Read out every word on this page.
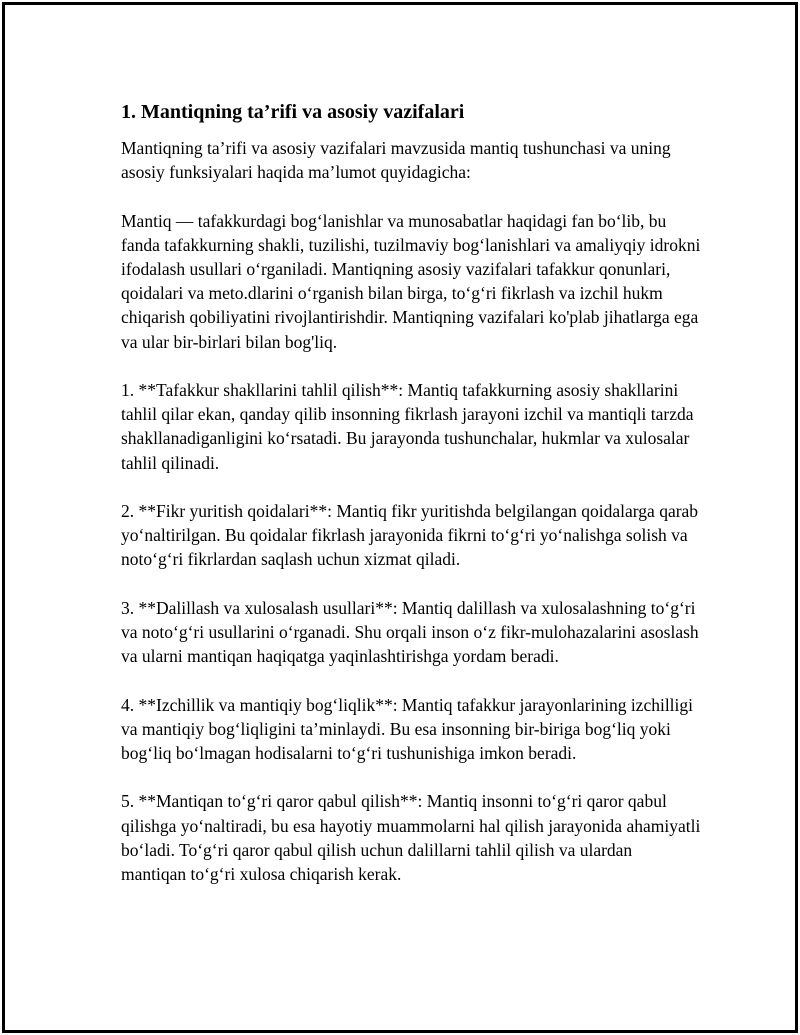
1. Mantiqning ta’rifi va asosiy vazifalari

Mantiqning ta’rifi va asosiy vazifalari mavzusida mantiq tushunchasi va uning asosiy funksiyalari haqida ma’lumot quyidagicha:

Mantiq — tafakkurdagi bog‘lanishlar va munosabatlar haqidagi fan bo‘lib, bu fanda tafakkurning shakli, tuzilishi, tuzilmaviy bog‘lanishlari va amaliyqiy idrokni ifodalash usullari o‘rganiladi. Mantiqning asosiy vazifalari tafakkur qonunlari, qoidalari va meto.dlarini o‘rganish bilan birga, to‘g‘ri fikrlash va izchil hukm chiqarish qobiliyatini rivojlantirishdir. Mantiqning vazifalari ko'plab jihatlarga ega va ular bir-birlari bilan bog'liq.

1. **Tafakkur shakllarini tahlil qilish**: Mantiq tafakkurning asosiy shakllarini tahlil qilar ekan, qanday qilib insonning fikrlash jarayoni izchil va mantiqli tarzda shakllanadiganligini ko‘rsatadi. Bu jarayonda tushunchalar, hukmlar va xulosalar tahlil qilinadi.

2. **Fikr yuritish qoidalari**: Mantiq fikr yuritishda belgilangan qoidalarga qarab yo‘naltirilgan. Bu qoidalar fikrlash jarayonida fikrni to‘g‘ri yo‘nalishga solish va noto‘g‘ri fikrlardan saqlash uchun xizmat qiladi.

3. **Dalillash va xulosalash usullari**: Mantiq dalillash va xulosalashning to‘g‘ri va noto‘g‘ri usullarini o‘rganadi. Shu orqali inson o‘z fikr-mulohazalarini asoslash va ularni mantiqan haqiqatga yaqinlashtirishga yordam beradi.

4. **Izchillik va mantiqiy bog‘liqlik**: Mantiq tafakkur jarayonlarining izchilligi va mantiqiy bog‘liqligini ta’minlaydi. Bu esa insonning bir-biriga bog‘liq yoki bog‘liq bo‘lmagan hodisalarni to‘g‘ri tushunishiga imkon beradi.

5. **Mantiqan to‘g‘ri qaror qabul qilish**: Mantiq insonni to‘g‘ri qaror qabul qilishga yo‘naltiradi, bu esa hayotiy muammolarni hal qilish jarayonida ahamiyatli bo‘ladi. To‘g‘ri qaror qabul qilish uchun dalillarni tahlil qilish va ulardan mantiqan to‘g‘ri xulosa chiqarish kerak.
